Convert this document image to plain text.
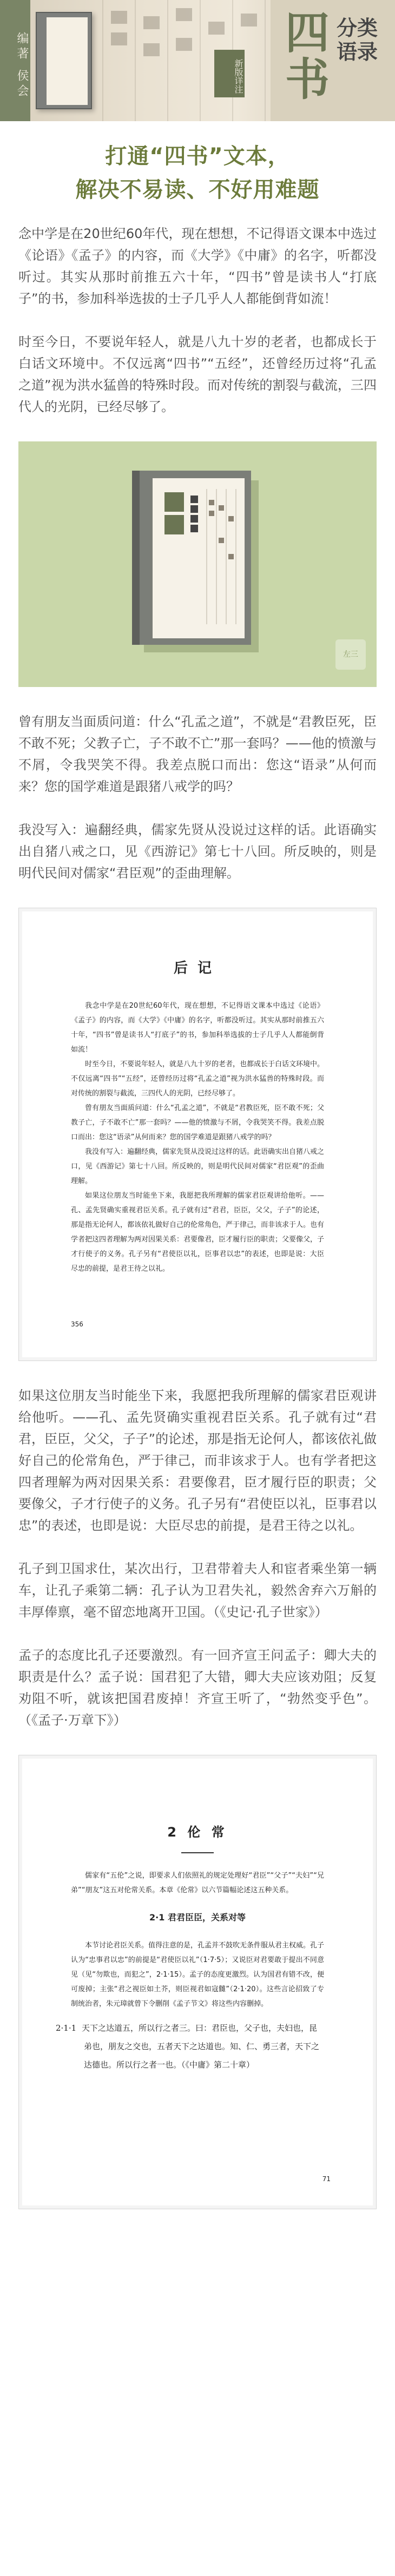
编著 侯会	四书
分类语录
新版详注
打通“四书”文本，
解决不易读、不好用难题

念中学是在20世纪60年代，现在想想，不记得语文课本中选过《论语》《孟子》的内容，而《大学》《中庸》的名字，听都没听过。其实从那时前推五六十年，“四书”曾是读书人“打底子”的书，参加科举选拔的士子几乎人人都能倒背如流！

时至今日，不要说年轻人，就是八九十岁的老者，也都成长于白话文环境中。不仅远离“四书”“五经”，还曾经历过将“孔孟之道”视为洪水猛兽的特殊时段。而对传统的割裂与截流，三四代人的光阴，已经尽够了。

左三

曾有朋友当面质问道：什么“孔孟之道”，不就是“君教臣死，臣不敢不死；父教子亡，子不敢不亡”那一套吗？——他的愤激与不屑，令我哭笑不得。我差点脱口而出：您这“语录”从何而来？您的国学难道是跟猪八戒学的吗？

我没写入：遍翻经典，儒家先贤从没说过这样的话。此语确实出自猪八戒之口，见《西游记》第七十八回。所反映的，则是明代民间对儒家“君臣观”的歪曲理解。

后记

我念中学是在20世纪60年代，现在想想，不记得语文课本中选过《论语》《孟子》的内容，而《大学》《中庸》的名字，听都没听过。其实从那时前推五六十年，“四书”曾是读书人“打底子”的书，参加科举选拔的士子几乎人人都能倒背如流！

时至今日，不要说年轻人，就是八九十岁的老者，也都成长于白话文环境中。不仅远离“四书”“五经”，还曾经历过将“孔孟之道”视为洪水猛兽的特殊时段。而对传统的割裂与截流，三四代人的光阴，已经尽够了。

曾有朋友当面质问道：什么“孔孟之道”，不就是“君教臣死，臣不敢不死；父教子亡，子不敢不亡”那一套吗？——他的愤激与不屑，令我哭笑不得。我差点脱口而出：您这“语录”从何而来？您的国学难道是跟猪八戒学的吗？

我没有写入：遍翻经典，儒家先贤从没说过这样的话。此语确实出自猪八戒之口，见《西游记》第七十八回。所反映的，则是明代民间对儒家“君臣观”的歪曲理解。

如果这位朋友当时能坐下来，我愿把我所理解的儒家君臣观讲给他听。——孔、孟先贤确实重视君臣关系。孔子就有过“君君，臣臣，父父，子子”的论述，那是指无论何人，都该依礼做好自己的伦常角色，严于律己，而非该求于人。也有学者把这四者理解为两对因果关系：君要像君，臣才履行臣的职责；父要像父，子才行使子的义务。孔子另有“君使臣以礼，臣事君以忠”的表述，也即是说：大臣尽忠的前提，是君王待之以礼。

356

如果这位朋友当时能坐下来，我愿把我所理解的儒家君臣观讲给他听。——孔、孟先贤确实重视君臣关系。孔子就有过“君君，臣臣，父父，子子”的论述，那是指无论何人，都该依礼做好自己的伦常角色，严于律己，而非该求于人。也有学者把这四者理解为两对因果关系：君要像君，臣才履行臣的职责；父要像父，子才行使子的义务。孔子另有“君使臣以礼，臣事君以忠”的表述，也即是说：大臣尽忠的前提，是君王待之以礼。

孔子到卫国求仕，某次出行，卫君带着夫人和宦者乘坐第一辆车，让孔子乘第二辆：孔子认为卫君失礼，毅然舍弃六万斛的丰厚俸禀，毫不留恋地离开卫国。（《史记·孔子世家》）

孟子的态度比孔子还要激烈。有一回齐宣王问孟子：卿大夫的职责是什么？孟子说：国君犯了大错，卿大夫应该劝阻；反复劝阻不听，就该把国君废掉！齐宣王听了，“勃然变乎色”。（《孟子·万章下》）

2 伦 常

儒家有“五伦”之说，即要求人们依照礼的规定处理好“君臣”“父子”“夫妇”“兄弟”“朋友”这五对伦常关系。本章《伦常》以六节篇幅论述这五种关系。

2·1 君君臣臣，关系对等

本节讨论君臣关系。值得注意的是，孔孟并不鼓吹无条件服从君主权威。孔子认为“忠事君以忠”的前提是“君使臣以礼”（1·7·5）；又说臣对君要敢于提出不同意见（见“勿欺也，而犯之”，2·1·15）。孟子的态度更激烈。认为国君有错不改，便可废掉；主张“君之视臣如土芥，则臣视君如寇雠”（2·1·20）。这些言论招致了专制统治者，朱元璋就曾下令删削《孟子节文》将这些内容删掉。

2·1·1 天下之达道五，所以行之者三。曰：君臣也，父子也，夫妇也，昆弟也，朋友之交也，五者天下之达道也。知、仁、勇三者，天下之达德也。所以行之者一也。（《中庸》第二十章）
71
